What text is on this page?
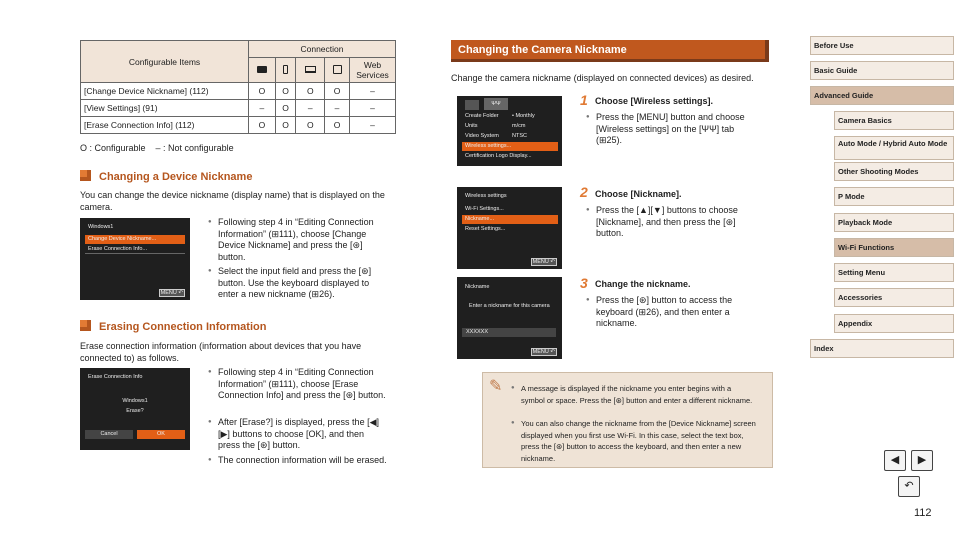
Configurable Items	Connection				
					Web Services
[Change Device Nickname] (112)	O	O	O	O	–
[View Settings] (91)	–	O	–	–	–
[Erase Connection Info] (112)	O	O	O	O	–
O : Configurable    – : Not configurable
Changing a Device Nickname
You can change the device nickname (display name) that is displayed on the camera.
Windows1
Change Device Nickname...
Erase Connection Info...
MENU ↶
● Following step 4 in “Editing Connection Information” (⊞111), choose [Change Device Nickname] and press the [⊛] button.
● Select the input field and press the [⊛] button. Use the keyboard displayed to enter a new nickname (⊞26).
Erasing Connection Information
Erase connection information (information about devices that you have connected to) as follows.
Erase Connection Info
Windows1
Erase?
Cancel	OK
● Following step 4 in “Editing Connection Information” (⊞111), choose [Erase Connection Info] and press the [⊛] button.
● After [Erase?] is displayed, press the [◀][▶] buttons to choose [OK], and then press the [⊛] button.
● The connection information will be erased.
Changing the Camera Nickname
Change the camera nickname (displayed on connected devices) as desired.
ΨΨ
Create Folder • Monthly
Units	m/cm
Video System NTSC
Wireless settings...
Certification Logo Display...
1 Choose [Wireless settings].
● Press the [MENU] button and choose [Wireless settings] on the [ΨΨ] tab (⊞25).
Wireless settings
Wi-Fi Settings...
Nickname...
Reset Settings...
MENU ↶
2 Choose [Nickname].
● Press the [▲][▼] buttons to choose [Nickname], and then press the [⊛] button.
Nickname
Enter a nickname for this camera
XXXXXX
MENU ↶
3 Change the nickname.
● Press the [⊛] button to access the keyboard (⊞26), and then enter a nickname.
✎	● A message is displayed if the nickname you enter begins with a symbol or space. Press the [⊛] button and enter a different nickname.
● You can also change the nickname from the [Device Nickname] screen displayed when you first use Wi-Fi. In this case, select the text box, press the [⊛] button to access the keyboard, and then enter a new nickname.
Before Use
Basic Guide
Advanced Guide
Camera Basics
Auto Mode / Hybrid Auto Mode
Other Shooting Modes
P Mode
Playback Mode
Wi-Fi Functions
Setting Menu
Accessories
Appendix
Index
◀	▶
↶
112
